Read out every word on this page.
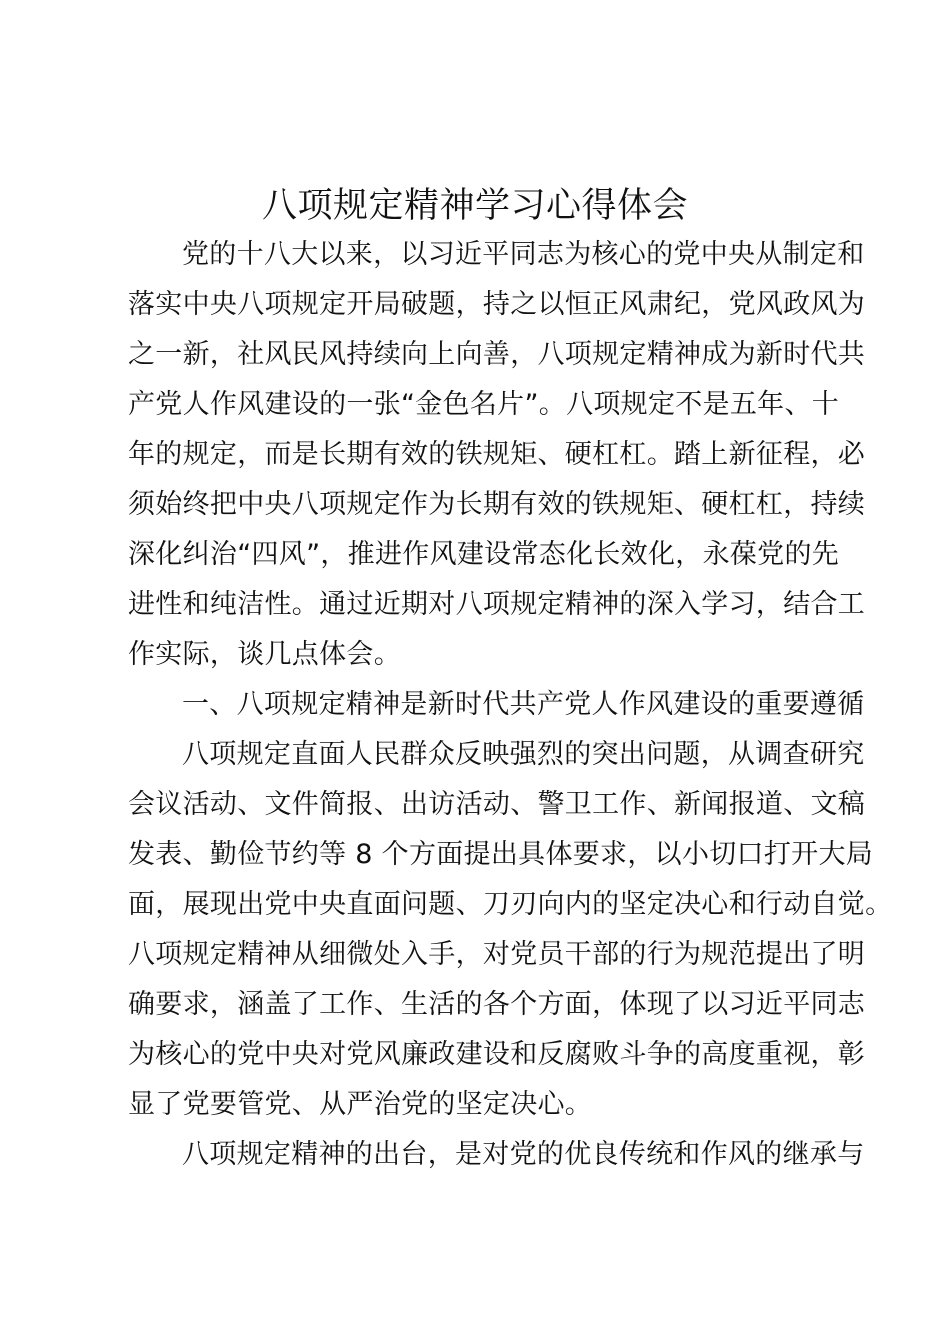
八项规定精神学习心得体会
党的十八大以来，以习近平同志为核心的党中央从制定和
落实中央八项规定开局破题，持之以恒正风肃纪，党风政风为
之一新，社风民风持续向上向善，八项规定精神成为新时代共
产党人作风建设的一张“金色名片”。八项规定不是五年、十
年的规定，而是长期有效的铁规矩、硬杠杠。踏上新征程，必
须始终把中央八项规定作为长期有效的铁规矩、硬杠杠，持续
深化纠治“四风”，推进作风建设常态化长效化，永葆党的先
进性和纯洁性。通过近期对八项规定精神的深入学习，结合工
作实际，谈几点体会。
一、八项规定精神是新时代共产党人作风建设的重要遵循
八项规定直面人民群众反映强烈的突出问题，从调查研究
会议活动、文件简报、出访活动、警卫工作、新闻报道、文稿
发表、勤俭节约等 8 个方面提出具体要求，以小切口打开大局
面，展现出党中央直面问题、刀刃向内的坚定决心和行动自觉。
八项规定精神从细微处入手，对党员干部的行为规范提出了明
确要求，涵盖了工作、生活的各个方面，体现了以习近平同志
为核心的党中央对党风廉政建设和反腐败斗争的高度重视，彰
显了党要管党、从严治党的坚定决心。
八项规定精神的出台，是对党的优良传统和作风的继承与
